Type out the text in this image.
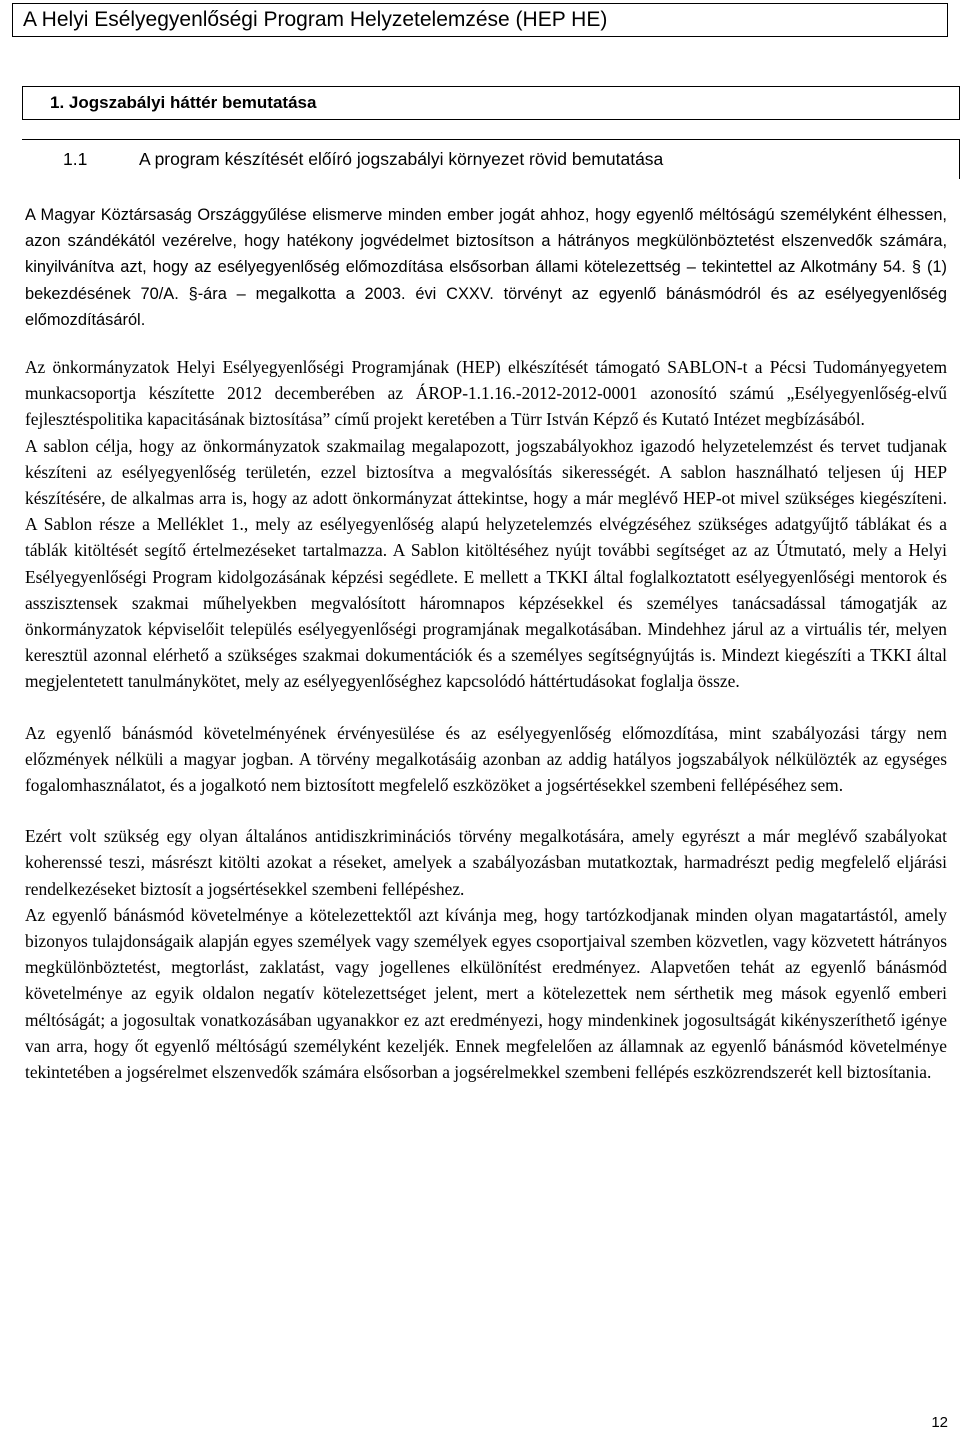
A Helyi Esélyegyenlőségi Program Helyzetelemzése (HEP HE)
1. Jogszabályi háttér bemutatása
1.1	A program készítését előíró jogszabályi környezet rövid bemutatása

A Magyar Köztársaság Országgyűlése elismerve minden ember jogát ahhoz, hogy egyenlő méltóságú személyként élhessen, azon szándékától vezérelve, hogy hatékony jogvédelmet biztosítson a hátrányos megkülönböztetést elszenvedők számára, kinyilvánítva azt, hogy az esélyegyenlőség előmozdítása elsősorban állami kötelezettség – tekintettel az Alkotmány 54. § (1) bekezdésének 70/A. §-ára – megalkotta a 2003. évi CXXV. törvényt az egyenlő bánásmódról és az esélyegyenlőség előmozdításáról.

Az önkormányzatok Helyi Esélyegyenlőségi Programjának (HEP) elkészítését támogató SABLON-t a Pécsi Tudományegyetem munkacsoportja készítette 2012 decemberében az ÁROP-1.1.16.-2012-2012-0001 azonosító számú „Esélyegyenlőség-elvű fejlesztéspolitika kapacitásának biztosítása” című projekt keretében a Türr István Képző és Kutató Intézet megbízásából.

A sablon célja, hogy az önkormányzatok szakmailag megalapozott, jogszabályokhoz igazodó helyzetelemzést és tervet tudjanak készíteni az esélyegyenlőség területén, ezzel biztosítva a megvalósítás sikerességét. A sablon használható teljesen új HEP készítésére, de alkalmas arra is, hogy az adott önkormányzat áttekintse, hogy a már meglévő HEP-ot mivel szükséges kiegészíteni. A Sablon része a Melléklet 1., mely az esélyegyenlőség alapú helyzetelemzés elvégzéséhez szükséges adatgyűjtő táblákat és a táblák kitöltését segítő értelmezéseket tartalmazza. A Sablon kitöltéséhez nyújt további segítséget az az Útmutató, mely a Helyi Esélyegyenlőségi Program kidolgozásának képzési segédlete. E mellett a TKKI által foglalkoztatott esélyegyenlőségi mentorok és asszisztensek szakmai műhelyekben megvalósított háromnapos képzésekkel és személyes tanácsadással támogatják az önkormányzatok képviselőit település esélyegyenlőségi programjának megalkotásában. Mindehhez járul az a virtuális tér, melyen keresztül azonnal elérhető a szükséges szakmai dokumentációk és a személyes segítségnyújtás is. Mindezt kiegészíti a TKKI által megjelentetett tanulmánykötet, mely az esélyegyenlőséghez kapcsolódó háttértudásokat foglalja össze.

Az egyenlő bánásmód követelményének érvényesülése és az esélyegyenlőség előmozdítása, mint szabályozási tárgy nem előzmények nélküli a magyar jogban. A törvény megalkotásáig azonban az addig hatályos jogszabályok nélkülözték az egységes fogalomhasználatot, és a jogalkotó nem biztosított megfelelő eszközöket a jogsértésekkel szembeni fellépéséhez sem.

Ezért volt szükség egy olyan általános antidiszkriminációs törvény megalkotására, amely egyrészt a már meglévő szabályokat koherenssé teszi, másrészt kitölti azokat a réseket, amelyek a szabályozásban mutatkoztak, harmadrészt pedig megfelelő eljárási rendelkezéseket biztosít a jogsértésekkel szembeni fellépéshez.

Az egyenlő bánásmód követelménye a kötelezettektől azt kívánja meg, hogy tartózkodjanak minden olyan magatartástól, amely bizonyos tulajdonságaik alapján egyes személyek vagy személyek egyes csoportjaival szemben közvetlen, vagy közvetett hátrányos megkülönböztetést, megtorlást, zaklatást, vagy jogellenes elkülönítést eredményez. Alapvetően tehát az egyenlő bánásmód követelménye az egyik oldalon negatív kötelezettséget jelent, mert a kötelezettek nem sérthetik meg mások egyenlő emberi méltóságát; a jogosultak vonatkozásában ugyanakkor ez azt eredményezi, hogy mindenkinek jogosultságát kikényszeríthető igénye van arra, hogy őt egyenlő méltóságú személyként kezeljék. Ennek megfelelően az államnak az egyenlő bánásmód követelménye tekintetében a jogsérelmet elszenvedők számára elsősorban a jogsérelmekkel szembeni fellépés eszközrendszerét kell biztosítania.

12
